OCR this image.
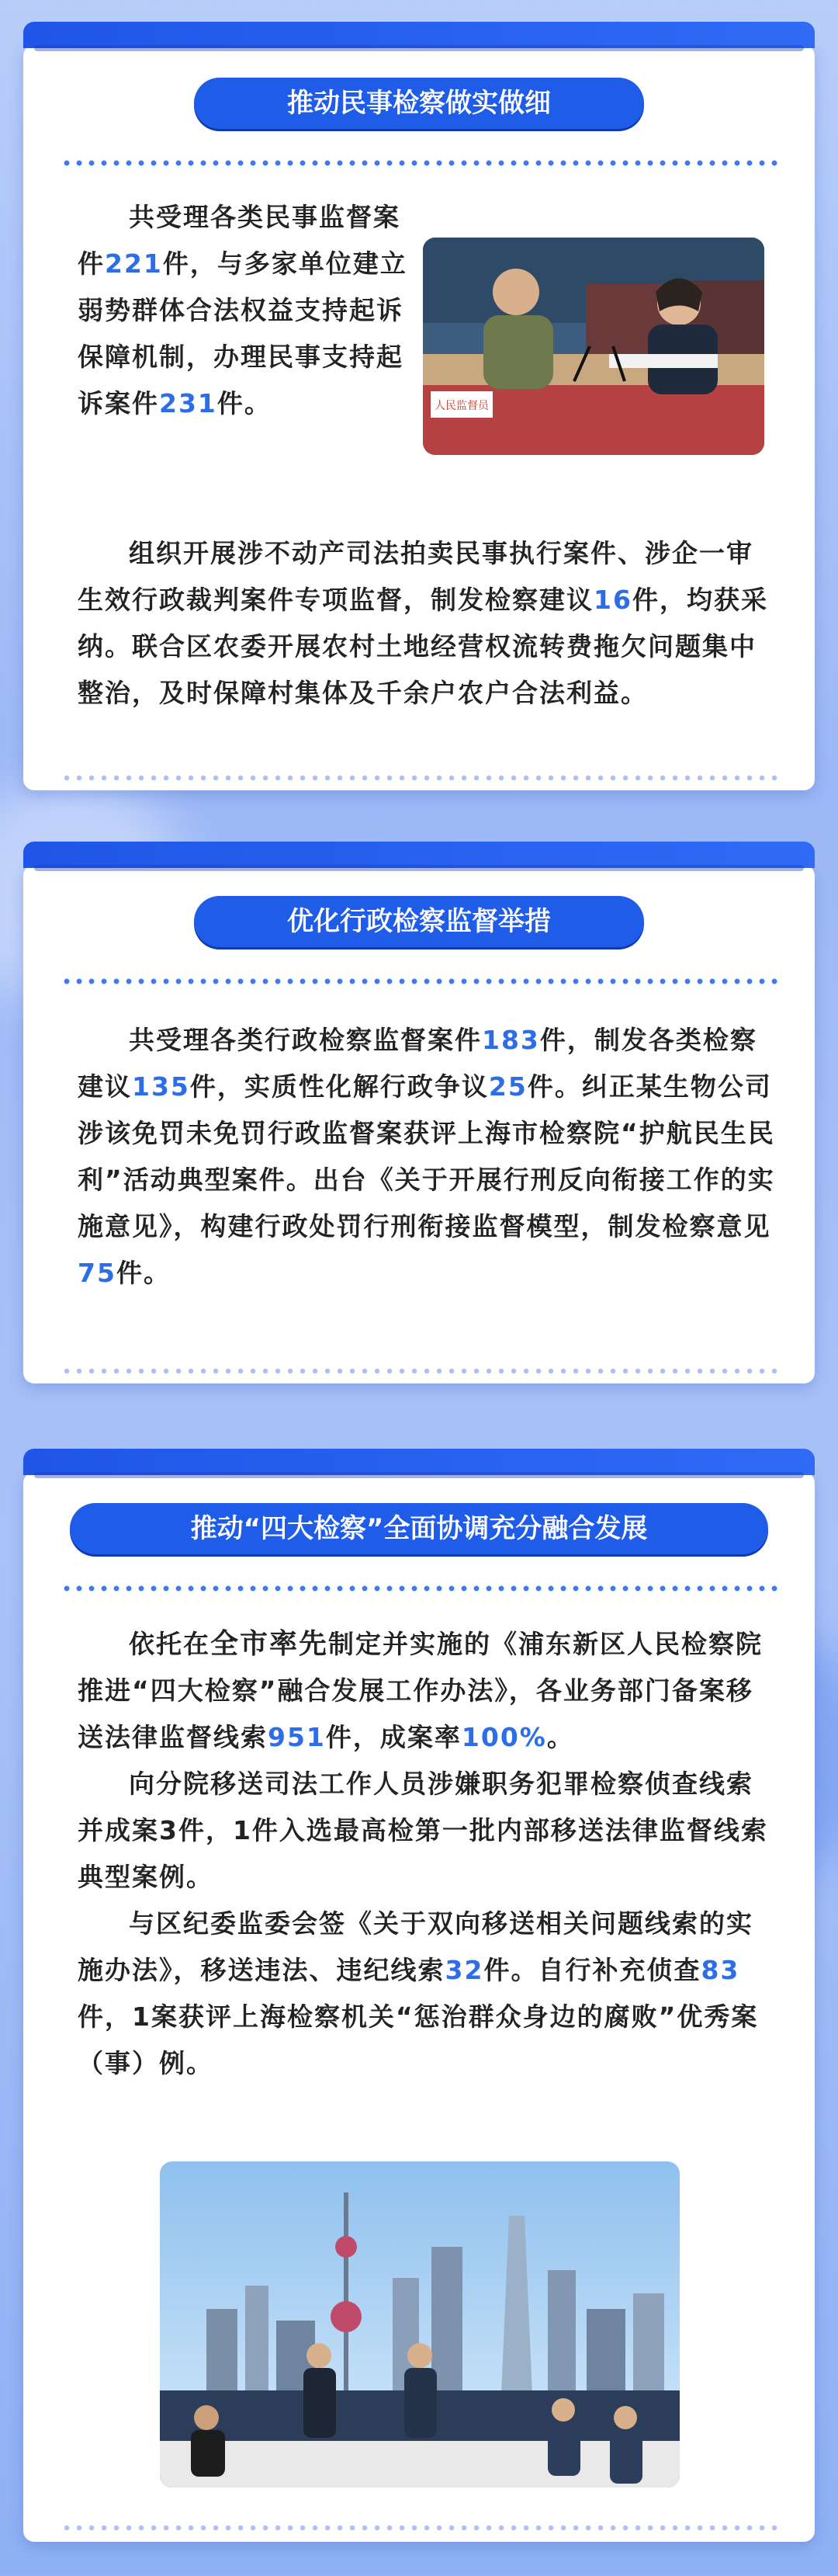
推动民事检察做实做细

共受理各类民事监督案件221件，与多家单位建立弱势群体合法权益支持起诉保障机制，办理民事支持起诉案件231件。	人民监督员

组织开展涉不动产司法拍卖民事执行案件、涉企一审生效行政裁判案件专项监督，制发检察建议16件，均获采纳。联合区农委开展农村土地经营权流转费拖欠问题集中整治，及时保障村集体及千余户农户合法利益。

优化行政检察监督举措

共受理各类行政检察监督案件183件，制发各类检察建议135件，实质性化解行政争议25件。纠正某生物公司涉该免罚未免罚行政监督案获评上海市检察院“护航民生民利”活动典型案件。出台《关于开展行刑反向衔接工作的实施意见》，构建行政处罚行刑衔接监督模型，制发检察意见75件。

推动“四大检察”全面协调充分融合发展

依托在全市率先制定并实施的《浦东新区人民检察院推进“四大检察”融合发展工作办法》，各业务部门备案移送法律监督线索951件，成案率100%。

向分院移送司法工作人员涉嫌职务犯罪检察侦查线索并成案3件，1件入选最高检第一批内部移送法律监督线索典型案例。

与区纪委监委会签《关于双向移送相关问题线索的实施办法》，移送违法、违纪线索32件。自行补充侦查83件，1案获评上海检察机关“惩治群众身边的腐败”优秀案（事）例。
